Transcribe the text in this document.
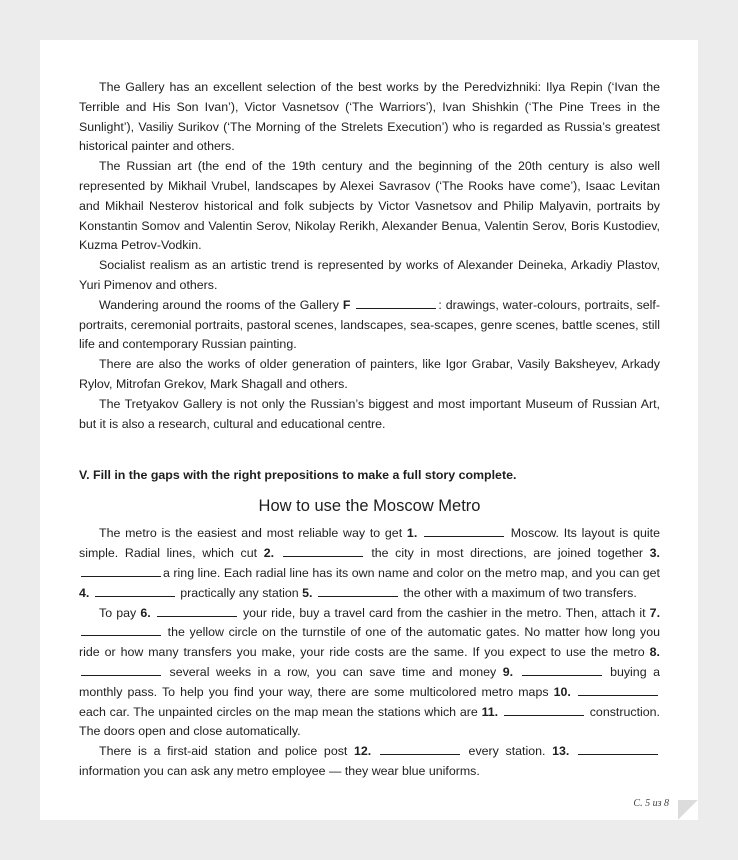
The Gallery has an excellent selection of the best works by the Peredvizhniki: Ilya Repin (‘Ivan the Terrible and His Son Ivan’), Victor Vasnetsov (‘The Warriors’), Ivan Shishkin (‘The Pine Trees in the Sunlight’), Vasiliy Surikov (‘The Morning of the Strelets Execution’) who is regarded as Russia’s greatest historical painter and others.

The Russian art (the end of the 19th century and the beginning of the 20th century is also well represented by Mikhail Vrubel, landscapes by Alexei Savrasov (‘The Rooks have come’), Isaac Levitan and Mikhail Nesterov historical and folk subjects by Victor Vasnetsov and Philip Malyavin, portraits by Konstantin Somov and Valentin Serov, Nikolay Rerikh, Alexander Benua, Valentin Serov, Boris Kustodiev, Kuzma Petrov-Vodkin.

Socialist realism as an artistic trend is represented by works of Alexander Deineka, Arkadiy Plastov, Yuri Pimenov and others.

Wandering around the rooms of the Gallery F	: drawings, water-colours, portraits, self-portraits, ceremonial portraits, pastoral scenes, landscapes, sea-scapes, genre scenes, battle scenes, still life and contemporary Russian painting.

There are also the works of older generation of painters, like Igor Grabar, Vasily Baksheyev, Arkady Rylov, Mitrofan Grekov, Mark Shagall and others.

The Tretyakov Gallery is not only the Russian’s biggest and most important Museum of Russian Art, but it is also a research, cultural and educational centre.

V. Fill in the gaps with the right prepositions to make a full story complete.
How to use the Moscow Metro

The metro is the easiest and most reliable way to get 1.	Moscow. Its layout is quite simple. Radial lines, which cut 2.	the city in most directions, are joined together 3. a ring line. Each radial line has its own name and color on the metro map, and you can get 4.	practically any station 5.	the other with a maximum of two transfers.

To pay 6.	your ride, buy a travel card from the cashier in the metro. Then, attach it 7.  the yellow circle on the turnstile of one of the automatic gates. No matter how long you ride or how many transfers you make, your ride costs are the same. If you expect to use the metro 8.  several weeks in a row, you can save time and money 9.	buying a monthly pass. To help you find your way, there are some multicolored metro maps 10.  each car. The unpainted circles on the map mean the stations which are 11.	construction. The doors open and close automatically.

There is a first-aid station and police post 12.	every station. 13.  information you can ask any metro employee — they wear blue uniforms.

С. 5 из 8
